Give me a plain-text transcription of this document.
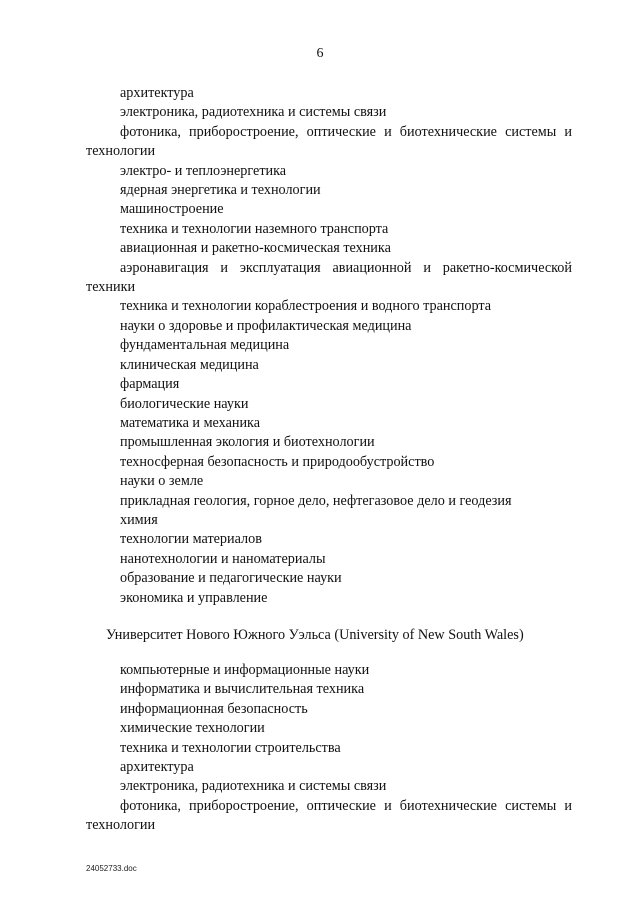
6
архитектура
электроника, радиотехника и системы связи
фотоника, приборостроение, оптические и биотехнические системы и технологии
электро- и теплоэнергетика
ядерная энергетика и технологии
машиностроение
техника и технологии наземного транспорта
авиационная и ракетно-космическая техника
аэронавигация и эксплуатация авиационной и ракетно-космической техники
техника и технологии кораблестроения и водного транспорта
науки о здоровье и профилактическая медицина
фундаментальная медицина
клиническая медицина
фармация
биологические науки
математика и механика
промышленная экология и биотехнологии
техносферная безопасность и природообустройство
науки о земле
прикладная геология, горное дело, нефтегазовое дело и геодезия
химия
технологии материалов
нанотехнологии и наноматериалы
образование и педагогические науки
экономика и управление
Университет Нового Южного Уэльса (University of New South Wales)
компьютерные и информационные науки
информатика и вычислительная техника
информационная безопасность
химические технологии
техника и технологии строительства
архитектура
электроника, радиотехника и системы связи
фотоника, приборостроение, оптические и биотехнические системы и технологии
24052733.doc
